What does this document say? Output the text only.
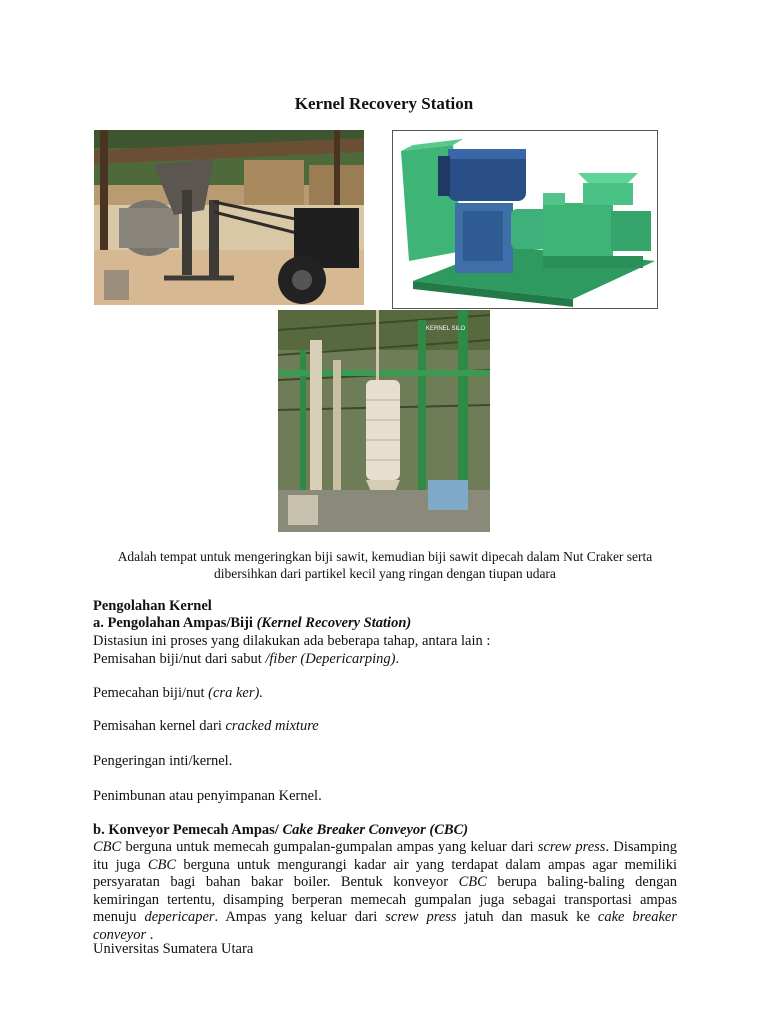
Kernel Recovery Station
KERNEL SILO
Adalah tempat untuk mengeringkan biji sawit, kemudian biji sawit dipecah dalam Nut Craker serta dibersihkan dari partikel kecil yang ringan dengan tiupan udara
Pengolahan Kernel
a. Pengolahan Ampas/Biji (Kernel Recovery Station)
Distasiun ini proses yang dilakukan ada beberapa tahap, antara lain :
Pemisahan biji/nut dari sabut /fiber (Depericarping).
Pemecahan biji/nut (cra ker).
Pemisahan kernel dari cracked mixture
Pengeringan inti/kernel.
Penimbunan atau penyimpanan Kernel.
b. Konveyor Pemecah Ampas/ Cake Breaker Conveyor (CBC)
CBC berguna untuk memecah gumpalan-gumpalan ampas yang keluar dari screw press. Disamping itu juga CBC berguna untuk mengurangi kadar air yang terdapat dalam ampas agar memiliki persyaratan bagi bahan bakar boiler. Bentuk konveyor CBC berupa baling-baling dengan kemiringan tertentu, disamping berperan memecah gumpalan juga sebagai transportasi ampas menuju depericaper. Ampas yang keluar dari screw press jatuh dan masuk ke cake breaker conveyor .
Universitas Sumatera Utara
